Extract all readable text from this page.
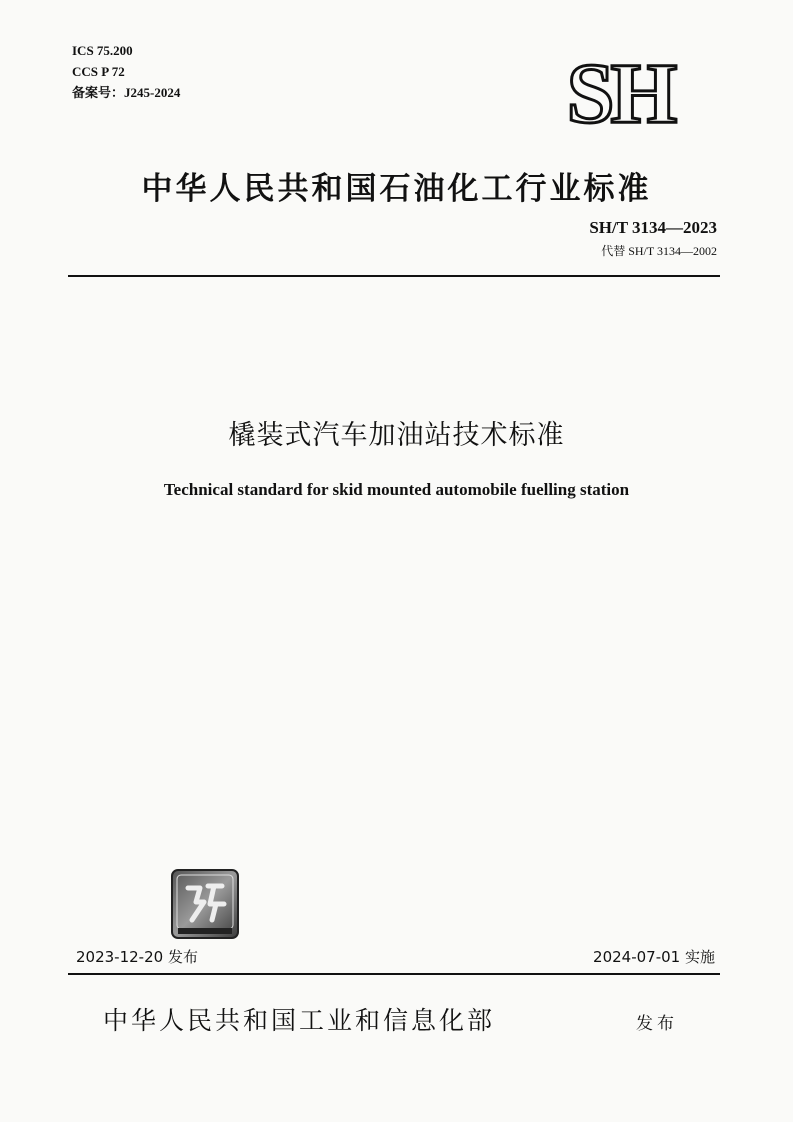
ICS 75.200
CCS P 72
备案号：J245-2024	SH
中华人民共和国石油化工行业标准
SH/T 3134—2023
代替 SH/T 3134—2002
橇装式汽车加油站技术标准
Technical standard for skid mounted automobile fuelling station
2023-12-20 发布	2024-07-01 实施
中华人民共和国工业和信息化部	发布
